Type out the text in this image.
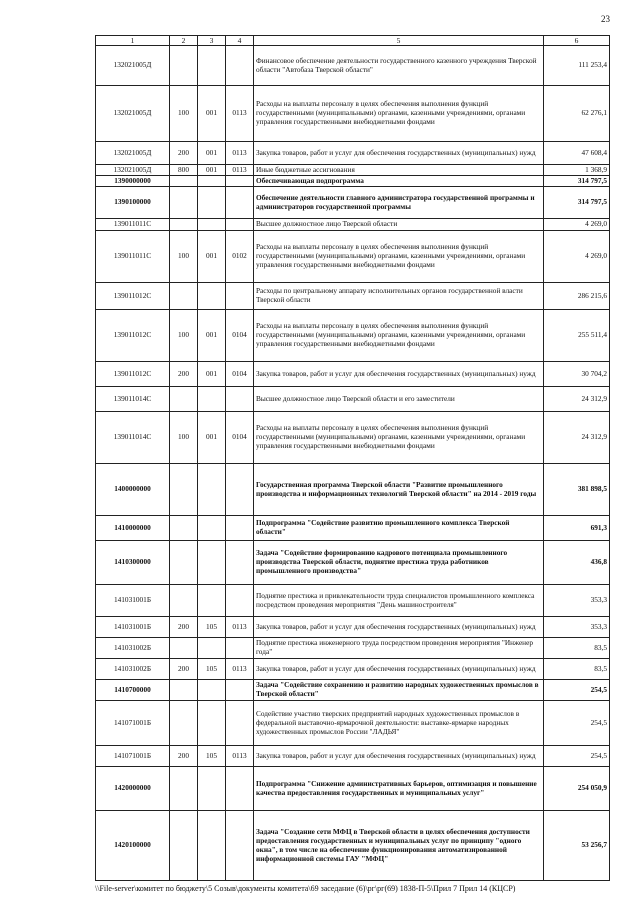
23
1	2	3	4	5	6
132021005Д				Финансовое обеспечение деятельности государственного казенного учреждения Тверской области "Автобаза Тверской области"	111 253,4
132021005Д	100	001	0113	Расходы на выплаты персоналу в целях обеспечения выполнения функций государственными (муниципальными) органами, казенными учреждениями, органами управления государственными внебюджетными фондами	62 276,1
132021005Д	200	001	0113	Закупка товаров, работ и услуг для обеспечения государственных (муниципальных) нужд	47 608,4
132021005Д	800	001	0113	Иные бюджетные ассигнования	1 368,9
1390000000				Обеспечивающая подпрограмма	314 797,5
1390100000				Обеспечение деятельности главного администратора государственной программы и администраторов государственной программы	314 797,5
139011011С				Высшее должностное лицо Тверской области	4 269,0
139011011С	100	001	0102	Расходы на выплаты персоналу в целях обеспечения выполнения функций государственными (муниципальными) органами, казенными учреждениями, органами управления государственными внебюджетными фондами	4 269,0
139011012С				Расходы по центральному аппарату исполнительных органов государственной власти Тверской области	286 215,6
139011012С	100	001	0104	Расходы на выплаты персоналу в целях обеспечения выполнения функций государственными (муниципальными) органами, казенными учреждениями, органами управления государственными внебюджетными фондами	255 511,4
139011012С	200	001	0104	Закупка товаров, работ и услуг для обеспечения государственных (муниципальных) нужд	30 704,2
139011014С				Высшее должностное лицо Тверской области и его заместители	24 312,9
139011014С	100	001	0104	Расходы на выплаты персоналу в целях обеспечения выполнения функций государственными (муниципальными) органами, казенными учреждениями, органами управления государственными внебюджетными фондами	24 312,9
1400000000				Государственная программа Тверской области "Развитие промышленного производства и информационных технологий Тверской области" на 2014 - 2019 годы	381 898,5
1410000000				Подпрограмма "Содействие развитию промышленного комплекса Тверской области"	691,3
1410300000				Задача "Содействие формированию кадрового потенциала промышленного производства Тверской области, поднятие престижа труда работников промышленного производства"	436,8
141031001Б				Поднятие престижа и привлекательности труда специалистов промышленного комплекса посредством проведения мероприятия "День машиностроителя"	353,3
141031001Б	200	105	0113	Закупка товаров, работ и услуг для обеспечения государственных (муниципальных) нужд	353,3
141031002Б				Поднятие престижа инженерного труда посредством проведения мероприятия "Инженер года"	83,5
141031002Б	200	105	0113	Закупка товаров, работ и услуг для обеспечения государственных (муниципальных) нужд	83,5
1410700000				Задача "Содействие сохранению и развитию народных художественных промыслов в Тверской области"	254,5
141071001Б				Содействие участию тверских предприятий народных художественных промыслов в федеральной выставочно-ярмарочной деятельности: выставке-ярмарке народных художественных промыслов России "ЛАДЬЯ"	254,5
141071001Б	200	105	0113	Закупка товаров, работ и услуг для обеспечения государственных (муниципальных) нужд	254,5
1420000000				Подпрограмма "Снижение административных барьеров, оптимизация и повышение качества предоставления государственных и муниципальных услуг"	254 050,9
1420100000				Задача "Создание сети МФЦ в Тверской области в целях обеспечения доступности предоставления государственных и муниципальных услуг по принципу "одного окна", в том числе на обеспечение функционирования автоматизированной информационной системы ГАУ "МФЦ"	53 256,7
\\File-server\комитет по бюджету\5 Созыв\документы комитета\69 заседание (6)\рг\рг(69) 1838-П-5\Прил 7 Прил 14 (КЦСР)
